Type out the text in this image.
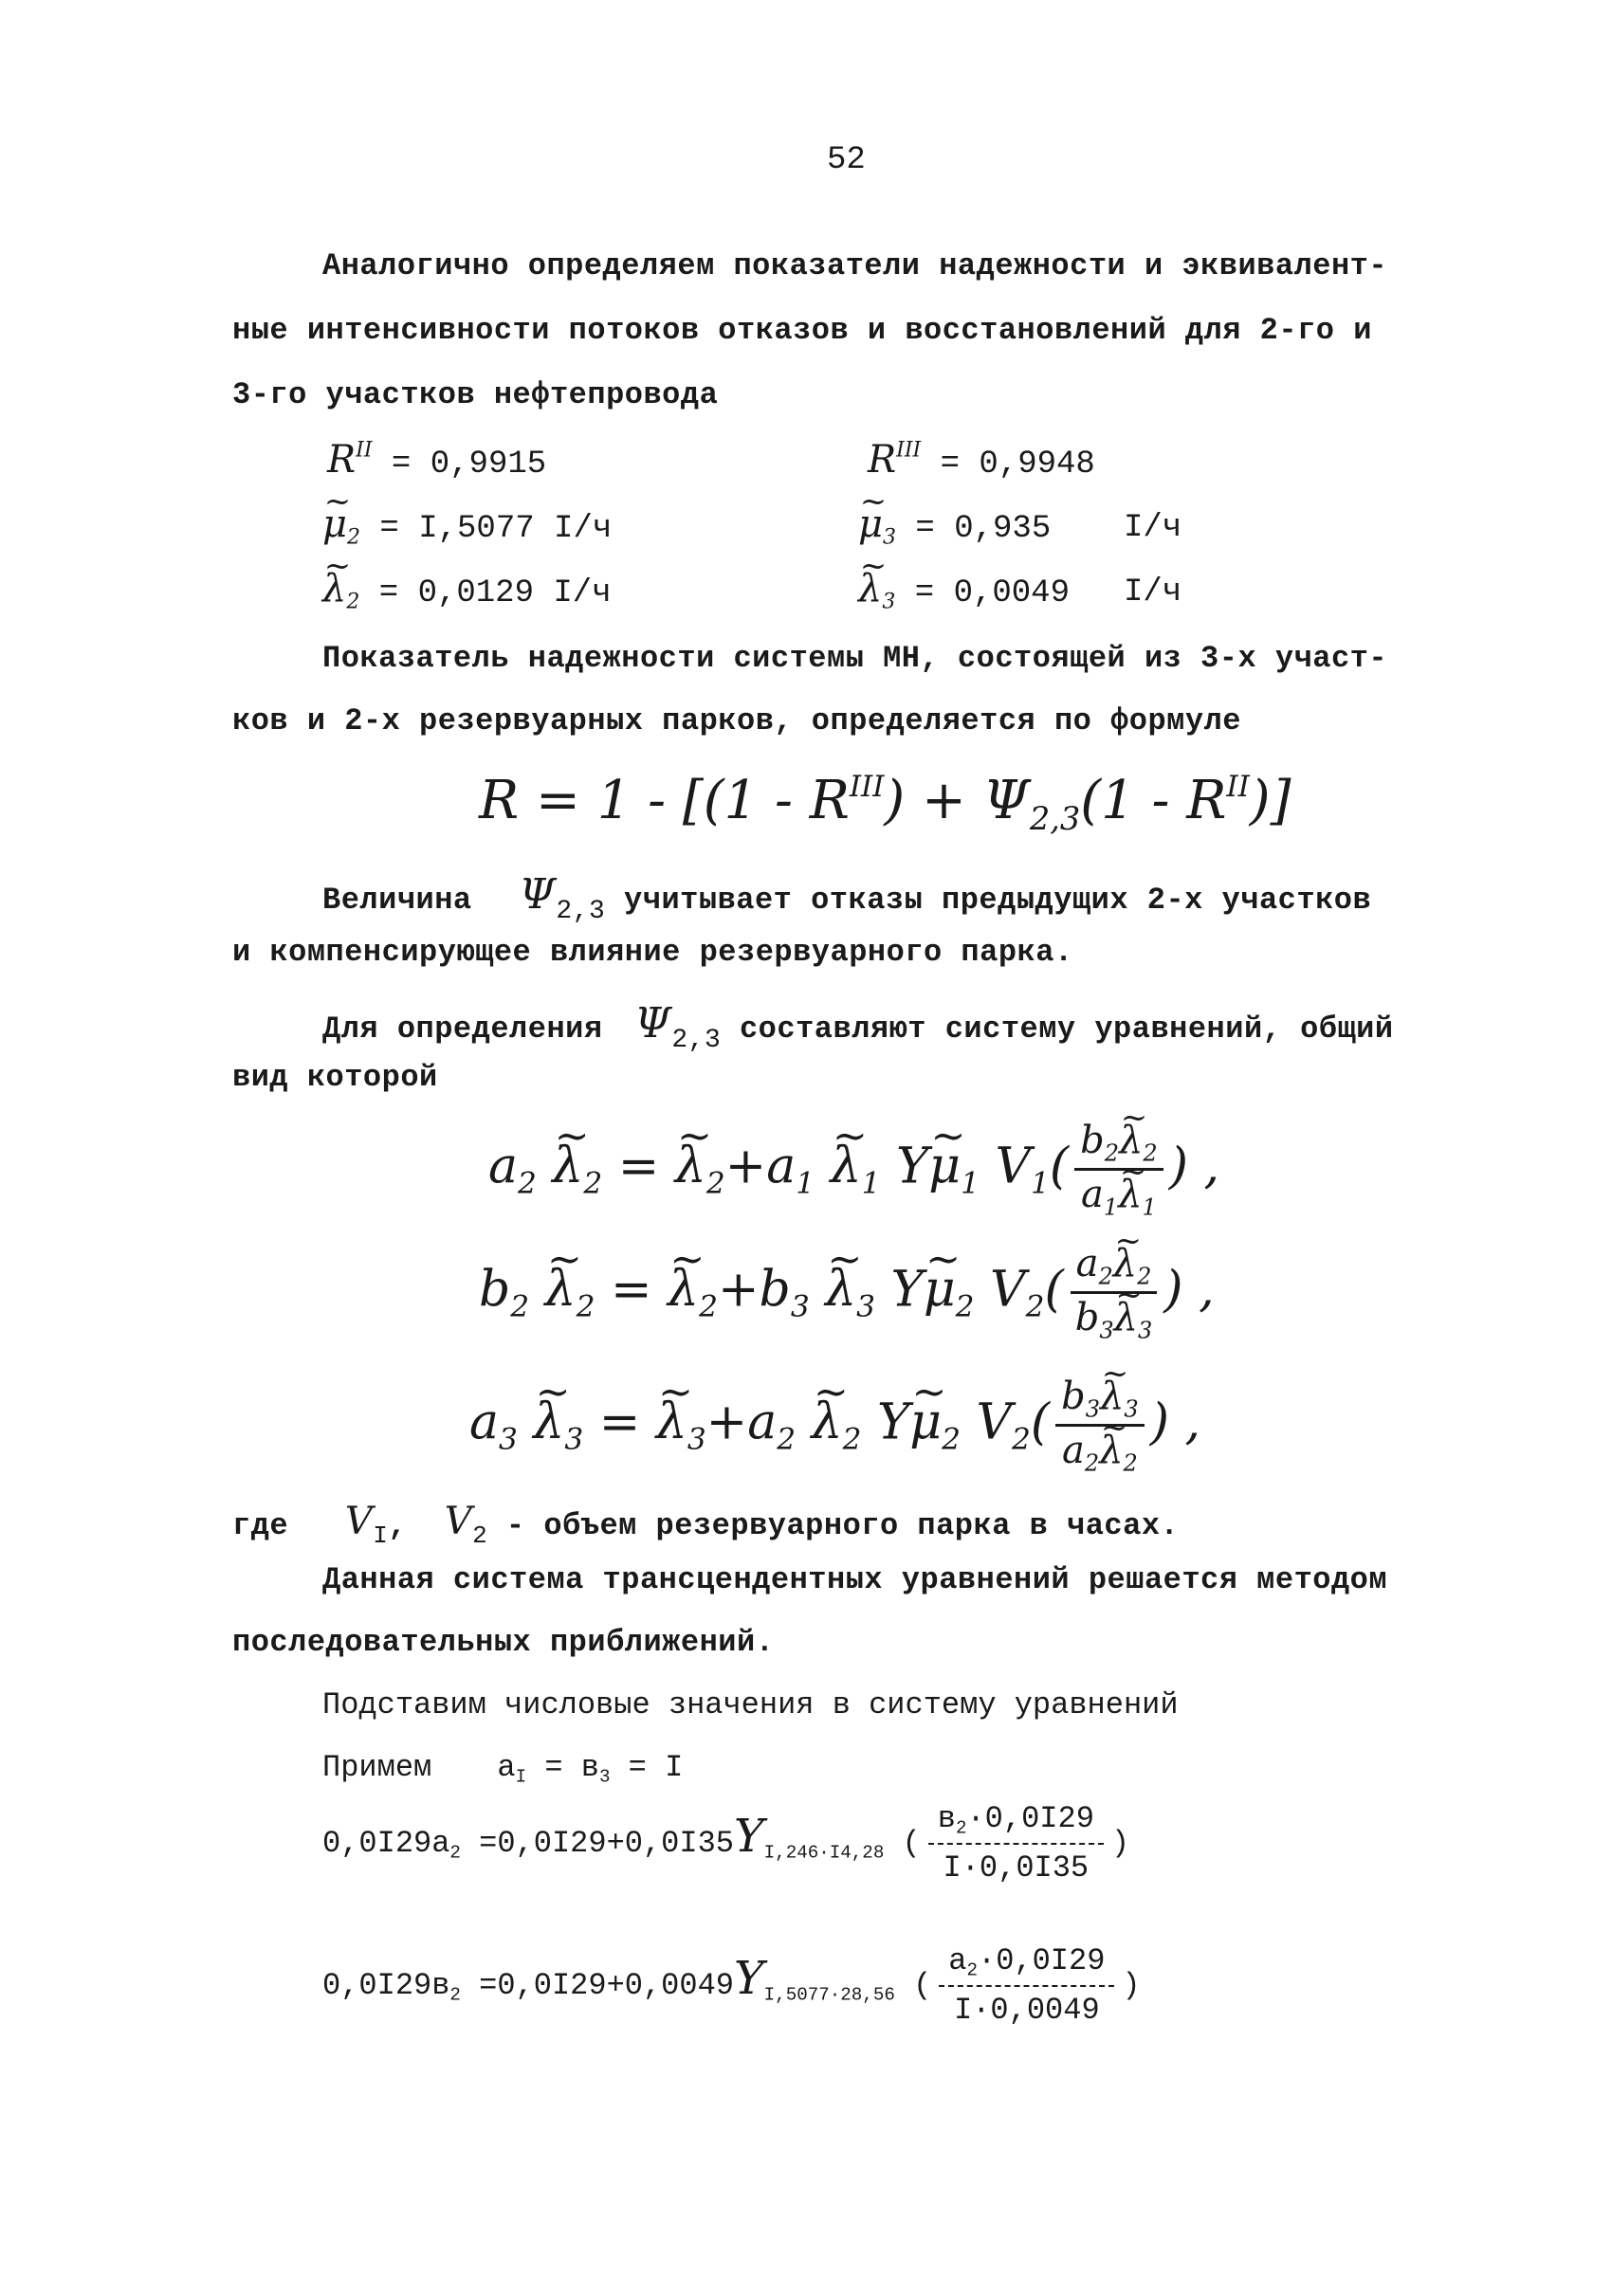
52
Аналогично определяем показатели надежности и эквивалент-
ные интенсивности потоков отказов и восстановлений для 2-го и
3-го участков нефтепровода
$R^{II} = 0,9915$
~ $\mu_2 = I,5077$ I/ч
~ $\lambda_2 = 0,0129$ I/ч
$R^{III} = 0,9948$
~ $\mu_3 = 0,935$ I/ч
~ $\lambda_3 = 0,0049$ I/ч
Показатель надежности системы МН, состоящей из 3-х участ-
ков и 2-х резервуарных парков, определяется по формуле
$R = 1 - [(1 - R^{III}) + \Psi_{2,3}(1 - R^{II})]$
Величина Ψ2,3 учитывает отказы предыдущих 2-х участков
и компенсирующее влияние резервуарного парка.
Для определения Ψ2,3 составляют систему уравнений, общий
вид которой
$a_2$ ~ $\lambda_2$ = ~ $\lambda_2+a_1$ ~ $\lambda_1$ Y~ $\mu_1$ $V_1( \frac{b_2\sim \lambda_2}{a_1\sim \lambda_1}$ ) ,
$b_2$ ~ $\lambda_2$ = ~ $\lambda_2+b_3$ ~ $\lambda_3$ Y~ $\mu_2$ $V_2( \frac{a_2\sim \lambda_2}{b_3\sim \lambda_3}$ ) ,
$a_3$ ~ $\lambda_3$ = ~ $\lambda_3+a_2$ ~ $\lambda_2$ Y~ $\mu_2$ $V_2( \frac{b_3\sim \lambda_3}{a_2\sim \lambda_2}$ ) ,
где $V_I$, $V_2$ - объем резервуарного парка в часах.
Данная система трансцендентных уравнений решается методом
последовательных приближений.
Подставим числовые значения в систему уравнений
Примем $a_I = в_3 = I$
$0,0I29a_2 =0,0I29+0,0I35Y_{I,246\cdot I4,28}$ ( $\frac{в_2\cdot 0,0I29}{I\cdot 0,0I35}$ )
$0,0I29в_2 =0,0I29+0,0049Y_{I,5077\cdot 28,56}$ ( $\frac{a_2\cdot 0,0I29}{I\cdot 0,0049}$ )
